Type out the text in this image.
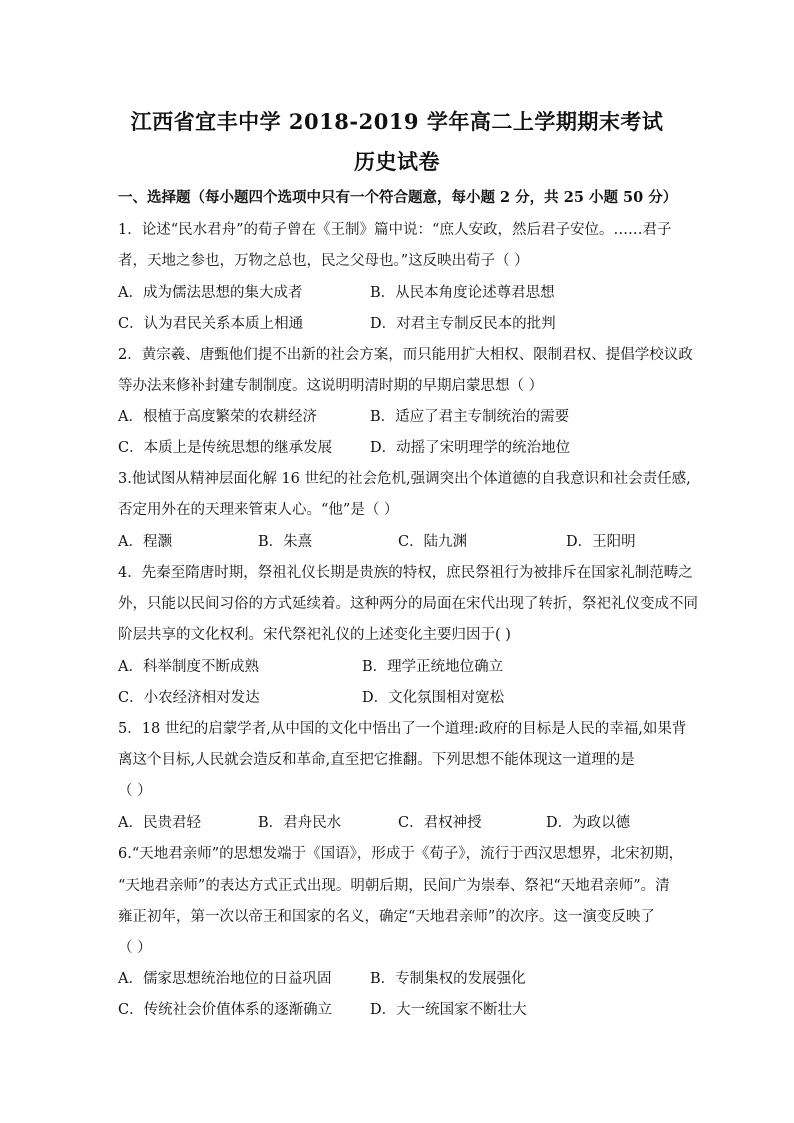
江西省宜丰中学 2018-2019 学年高二上学期期末考试
历史试卷
一、选择题（每小题四个选项中只有一个符合题意，每小题 2 分，共 25 小题 50 分）
1．论述“民水君舟”的荀子曾在《王制》篇中说：“庶人安政，然后君子安位。……君子
者，天地之参也，万物之总也，民之父母也。”这反映出荀子（ ）
A．成为儒法思想的集大成者	B．从民本角度论述尊君思想
C．认为君民关系本质上相通	D．对君主专制反民本的批判
2．黄宗羲、唐甄他们提不出新的社会方案，而只能用扩大相权、限制君权、提倡学校议政
等办法来修补封建专制制度。这说明明清时期的早期启蒙思想（ ）
A．根植于高度繁荣的农耕经济	B．适应了君主专制统治的需要
C．本质上是传统思想的继承发展	D．动摇了宋明理学的统治地位
3.他试图从精神层面化解 16 世纪的社会危机,强调突出个体道德的自我意识和社会责任感,
否定用外在的天理来管束人心。“他”是（ ）
A．程灏	B．朱熹	C．陆九渊	D．王阳明
4．先秦至隋唐时期，祭祖礼仪长期是贵族的特权，庶民祭祖行为被排斥在国家礼制范畴之
外，只能以民间习俗的方式延续着。这种两分的局面在宋代出现了转折，祭祀礼仪变成不同
阶层共享的文化权利。宋代祭祀礼仪的上述变化主要归因于( )
A．科举制度不断成熟	B．理学正统地位确立
C．小农经济相对发达	D．文化氛围相对宽松
5．18 世纪的启蒙学者,从中国的文化中悟出了一个道理:政府的目标是人民的幸福,如果背
离这个目标,人民就会造反和革命,直至把它推翻。下列思想不能体现这一道理的是
（ ）
A．民贵君轻	B．君舟民水	C．君权神授	D．为政以德
6.“天地君亲师”的思想发端于《国语》，形成于《荀子》，流行于西汉思想界，北宋初期，
“天地君亲师”的表达方式正式出现。明朝后期，民间广为崇奉、祭祀“天地君亲师”。清
雍正初年，第一次以帝王和国家的名义，确定“天地君亲师”的次序。这一演变反映了
（ ）
A．儒家思想统治地位的日益巩固	B．专制集权的发展强化
C．传统社会价值体系的逐渐确立	D．大一统国家不断壮大
